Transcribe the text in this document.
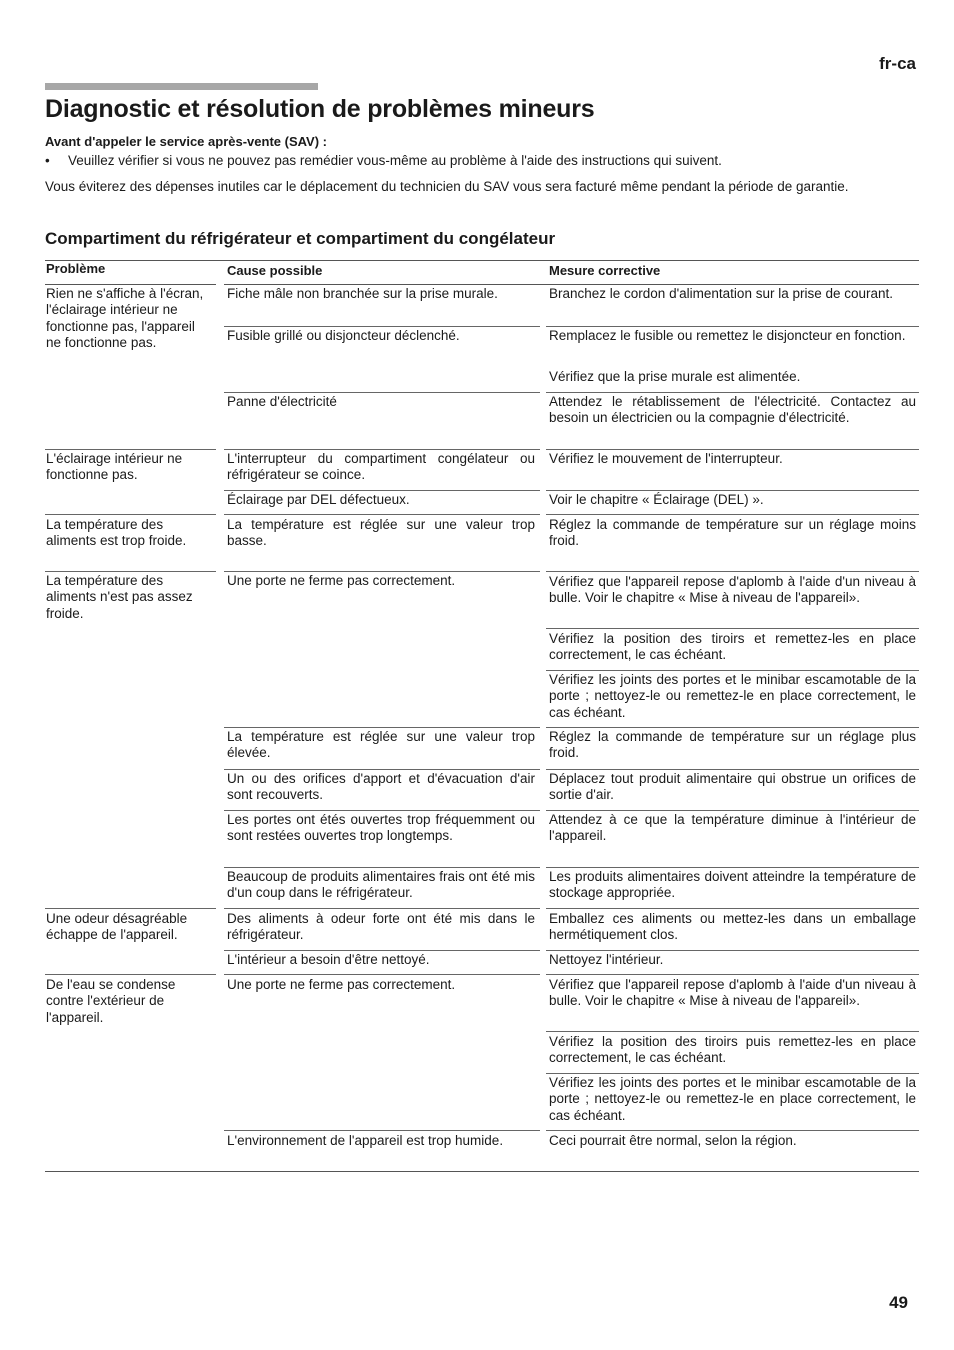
fr-ca
Diagnostic et résolution de problèmes mineurs
Avant d'appeler le service après-vente (SAV) :
• Veuillez vérifier si vous ne pouvez pas remédier vous-même au problème à l'aide des instructions qui suivent.
Vous éviterez des dépenses inutiles car le déplacement du technicien du SAV vous sera facturé même pendant la période de garantie.
Compartiment du réfrigérateur et compartiment du congélateur
Problème	Cause possible	Mesure corrective
Rien ne s'affiche à l'écran, l'éclairage intérieur ne fonctionne pas, l'appareil ne fonctionne pas.
L'éclairage intérieur ne fonctionne pas.
La température des aliments est trop froide.
La température des aliments n'est pas assez froide.
Une odeur désagréable échappe de l'appareil.
De l'eau se condense contre l'extérieur de l'appareil.
Fiche mâle non branchée sur la prise murale.
Fusible grillé ou disjoncteur déclenché.
Panne d'électricité
L'interrupteur du compartiment congélateur ou réfrigérateur se coince.
Éclairage par DEL défectueux.
La température est réglée sur une valeur trop basse.
Une porte ne ferme pas correctement.
La température est réglée sur une valeur trop élevée.
Un ou des orifices d'apport et d'évacuation d'air sont recouverts.
Les portes ont étés ouvertes trop fréquemment ou sont restées ouvertes trop longtemps.
Beaucoup de produits alimentaires frais ont été mis d'un coup dans le réfrigérateur.
Des aliments à odeur forte ont été mis dans le réfrigérateur.
L'intérieur a besoin d'être nettoyé.
Une porte ne ferme pas correctement.
L'environnement de l'appareil est trop humide.
Branchez le cordon d'alimentation sur la prise de courant.
Remplacez le fusible ou remettez le disjoncteur en fonction.
Vérifiez que la prise murale est alimentée.
Attendez le rétablissement de l'électricité. Contactez au besoin un électricien ou la compagnie d'électricité.
Vérifiez le mouvement de l'interrupteur.
Voir le chapitre « Éclairage (DEL) ».
Réglez la commande de température sur un réglage moins froid.
Vérifiez que l'appareil repose d'aplomb à l'aide d'un niveau à bulle. Voir le chapitre « Mise à niveau de l'appareil».
Vérifiez la position des tiroirs et remettez-les en place correctement, le cas échéant.
Vérifiez les joints des portes et le minibar escamotable de la porte ; nettoyez-le ou remettez-le en place correctement, le cas échéant.
Réglez la commande de température sur un réglage plus froid.
Déplacez tout produit alimentaire qui obstrue un orifices de sortie d'air.
Attendez à ce que la température diminue à l'intérieur de l'appareil.
Les produits alimentaires doivent atteindre la température de stockage appropriée.
Emballez ces aliments ou mettez-les dans un emballage hermétiquement clos.
Nettoyez l'intérieur.
Vérifiez que l'appareil repose d'aplomb à l'aide d'un niveau à bulle. Voir le chapitre « Mise à niveau de l'appareil».
Vérifiez la position des tiroirs puis remettez-les en place correctement, le cas échéant.
Vérifiez les joints des portes et le minibar escamotable de la porte ; nettoyez-le ou remettez-le en place correctement, le cas échéant.
Ceci pourrait être normal, selon la région.
49
